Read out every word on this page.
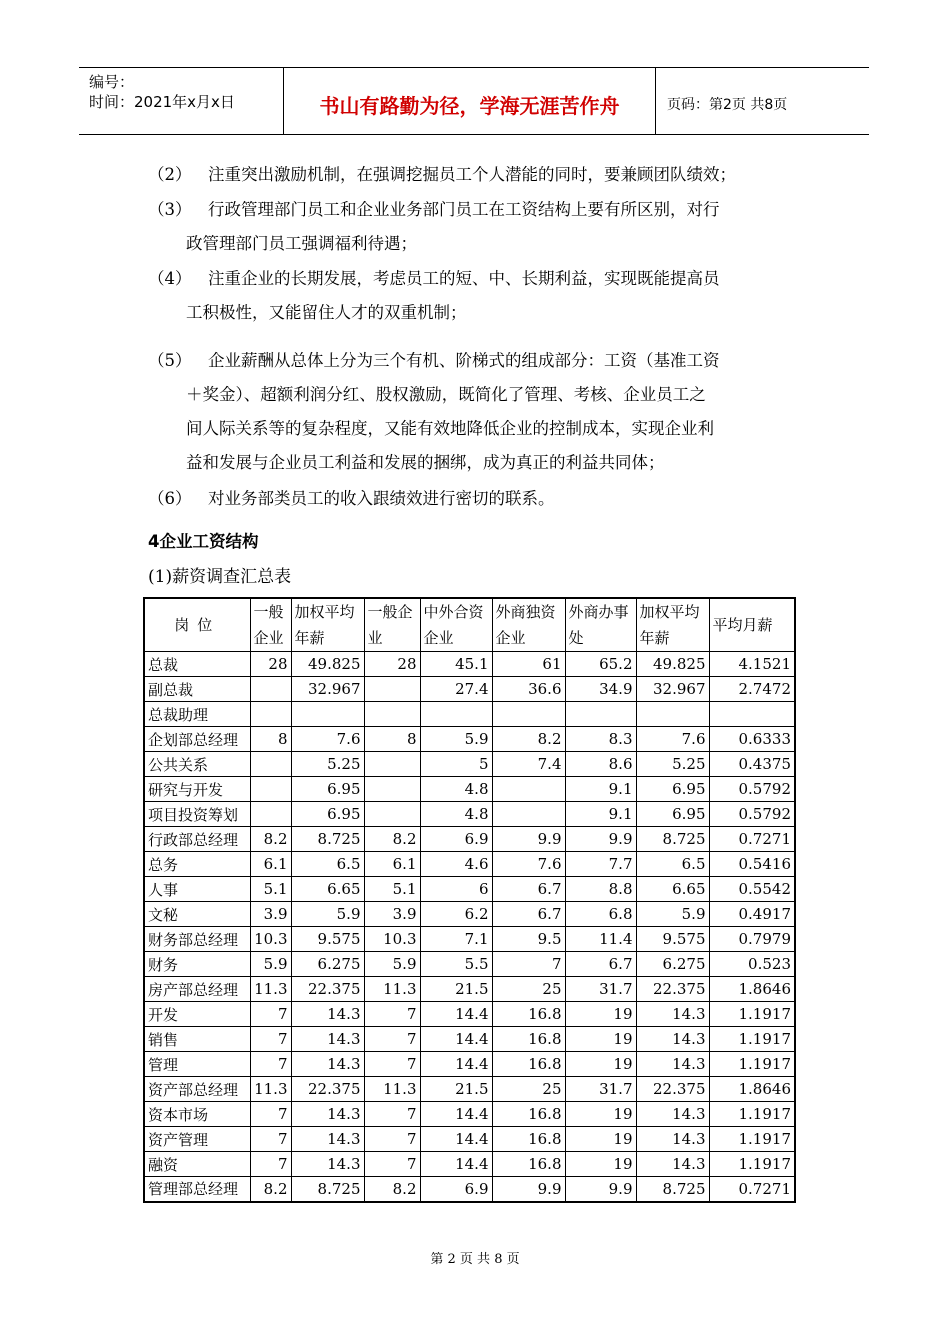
编号：
时间：2021年x月x日	书山有路勤为径，学海无涯苦作舟	页码：第2页 共8页
（2） 注重突出激励机制，在强调挖掘员工个人潜能的同时，要兼顾团队绩效；
（3） 行政管理部门员工和企业业务部门员工在工资结构上要有所区别，对行
政管理部门员工强调福利待遇；
（4） 注重企业的长期发展，考虑员工的短、中、长期利益，实现既能提高员
工积极性，又能留住人才的双重机制；
（5） 企业薪酬从总体上分为三个有机、阶梯式的组成部分：工资（基准工资
＋奖金）、超额利润分红、股权激励，既简化了管理、考核、企业员工之
间人际关系等的复杂程度，又能有效地降低企业的控制成本，实现企业利
益和发展与企业员工利益和发展的捆绑，成为真正的利益共同体；
（6） 对业务部类员工的收入跟绩效进行密切的联系。
4企业工资结构
(1)薪资调查汇总表
岗位	一般企业	加权平均年薪	一般企业	中外合资企业	外商独资企业	外商办事处	加权平均年薪	平均月薪
总裁	28	49.825	28	45.1	61	65.2	49.825	4.1521
副总裁		32.967		27.4	36.6	34.9	32.967	2.7472
总裁助理								
企划部总经理	8	7.6	8	5.9	8.2	8.3	7.6	0.6333
公共关系		5.25		5	7.4	8.6	5.25	0.4375
研究与开发		6.95		4.8		9.1	6.95	0.5792
项目投资筹划		6.95		4.8		9.1	6.95	0.5792
行政部总经理	8.2	8.725	8.2	6.9	9.9	9.9	8.725	0.7271
总务	6.1	6.5	6.1	4.6	7.6	7.7	6.5	0.5416
人事	5.1	6.65	5.1	6	6.7	8.8	6.65	0.5542
文秘	3.9	5.9	3.9	6.2	6.7	6.8	5.9	0.4917
财务部总经理	10.3	9.575	10.3	7.1	9.5	11.4	9.575	0.7979
财务	5.9	6.275	5.9	5.5	7	6.7	6.275	0.523
房产部总经理	11.3	22.375	11.3	21.5	25	31.7	22.375	1.8646
开发	7	14.3	7	14.4	16.8	19	14.3	1.1917
销售	7	14.3	7	14.4	16.8	19	14.3	1.1917
管理	7	14.3	7	14.4	16.8	19	14.3	1.1917
资产部总经理	11.3	22.375	11.3	21.5	25	31.7	22.375	1.8646
资本市场	7	14.3	7	14.4	16.8	19	14.3	1.1917
资产管理	7	14.3	7	14.4	16.8	19	14.3	1.1917
融资	7	14.3	7	14.4	16.8	19	14.3	1.1917
管理部总经理	8.2	8.725	8.2	6.9	9.9	9.9	8.725	0.7271
第 2 页 共 8 页
